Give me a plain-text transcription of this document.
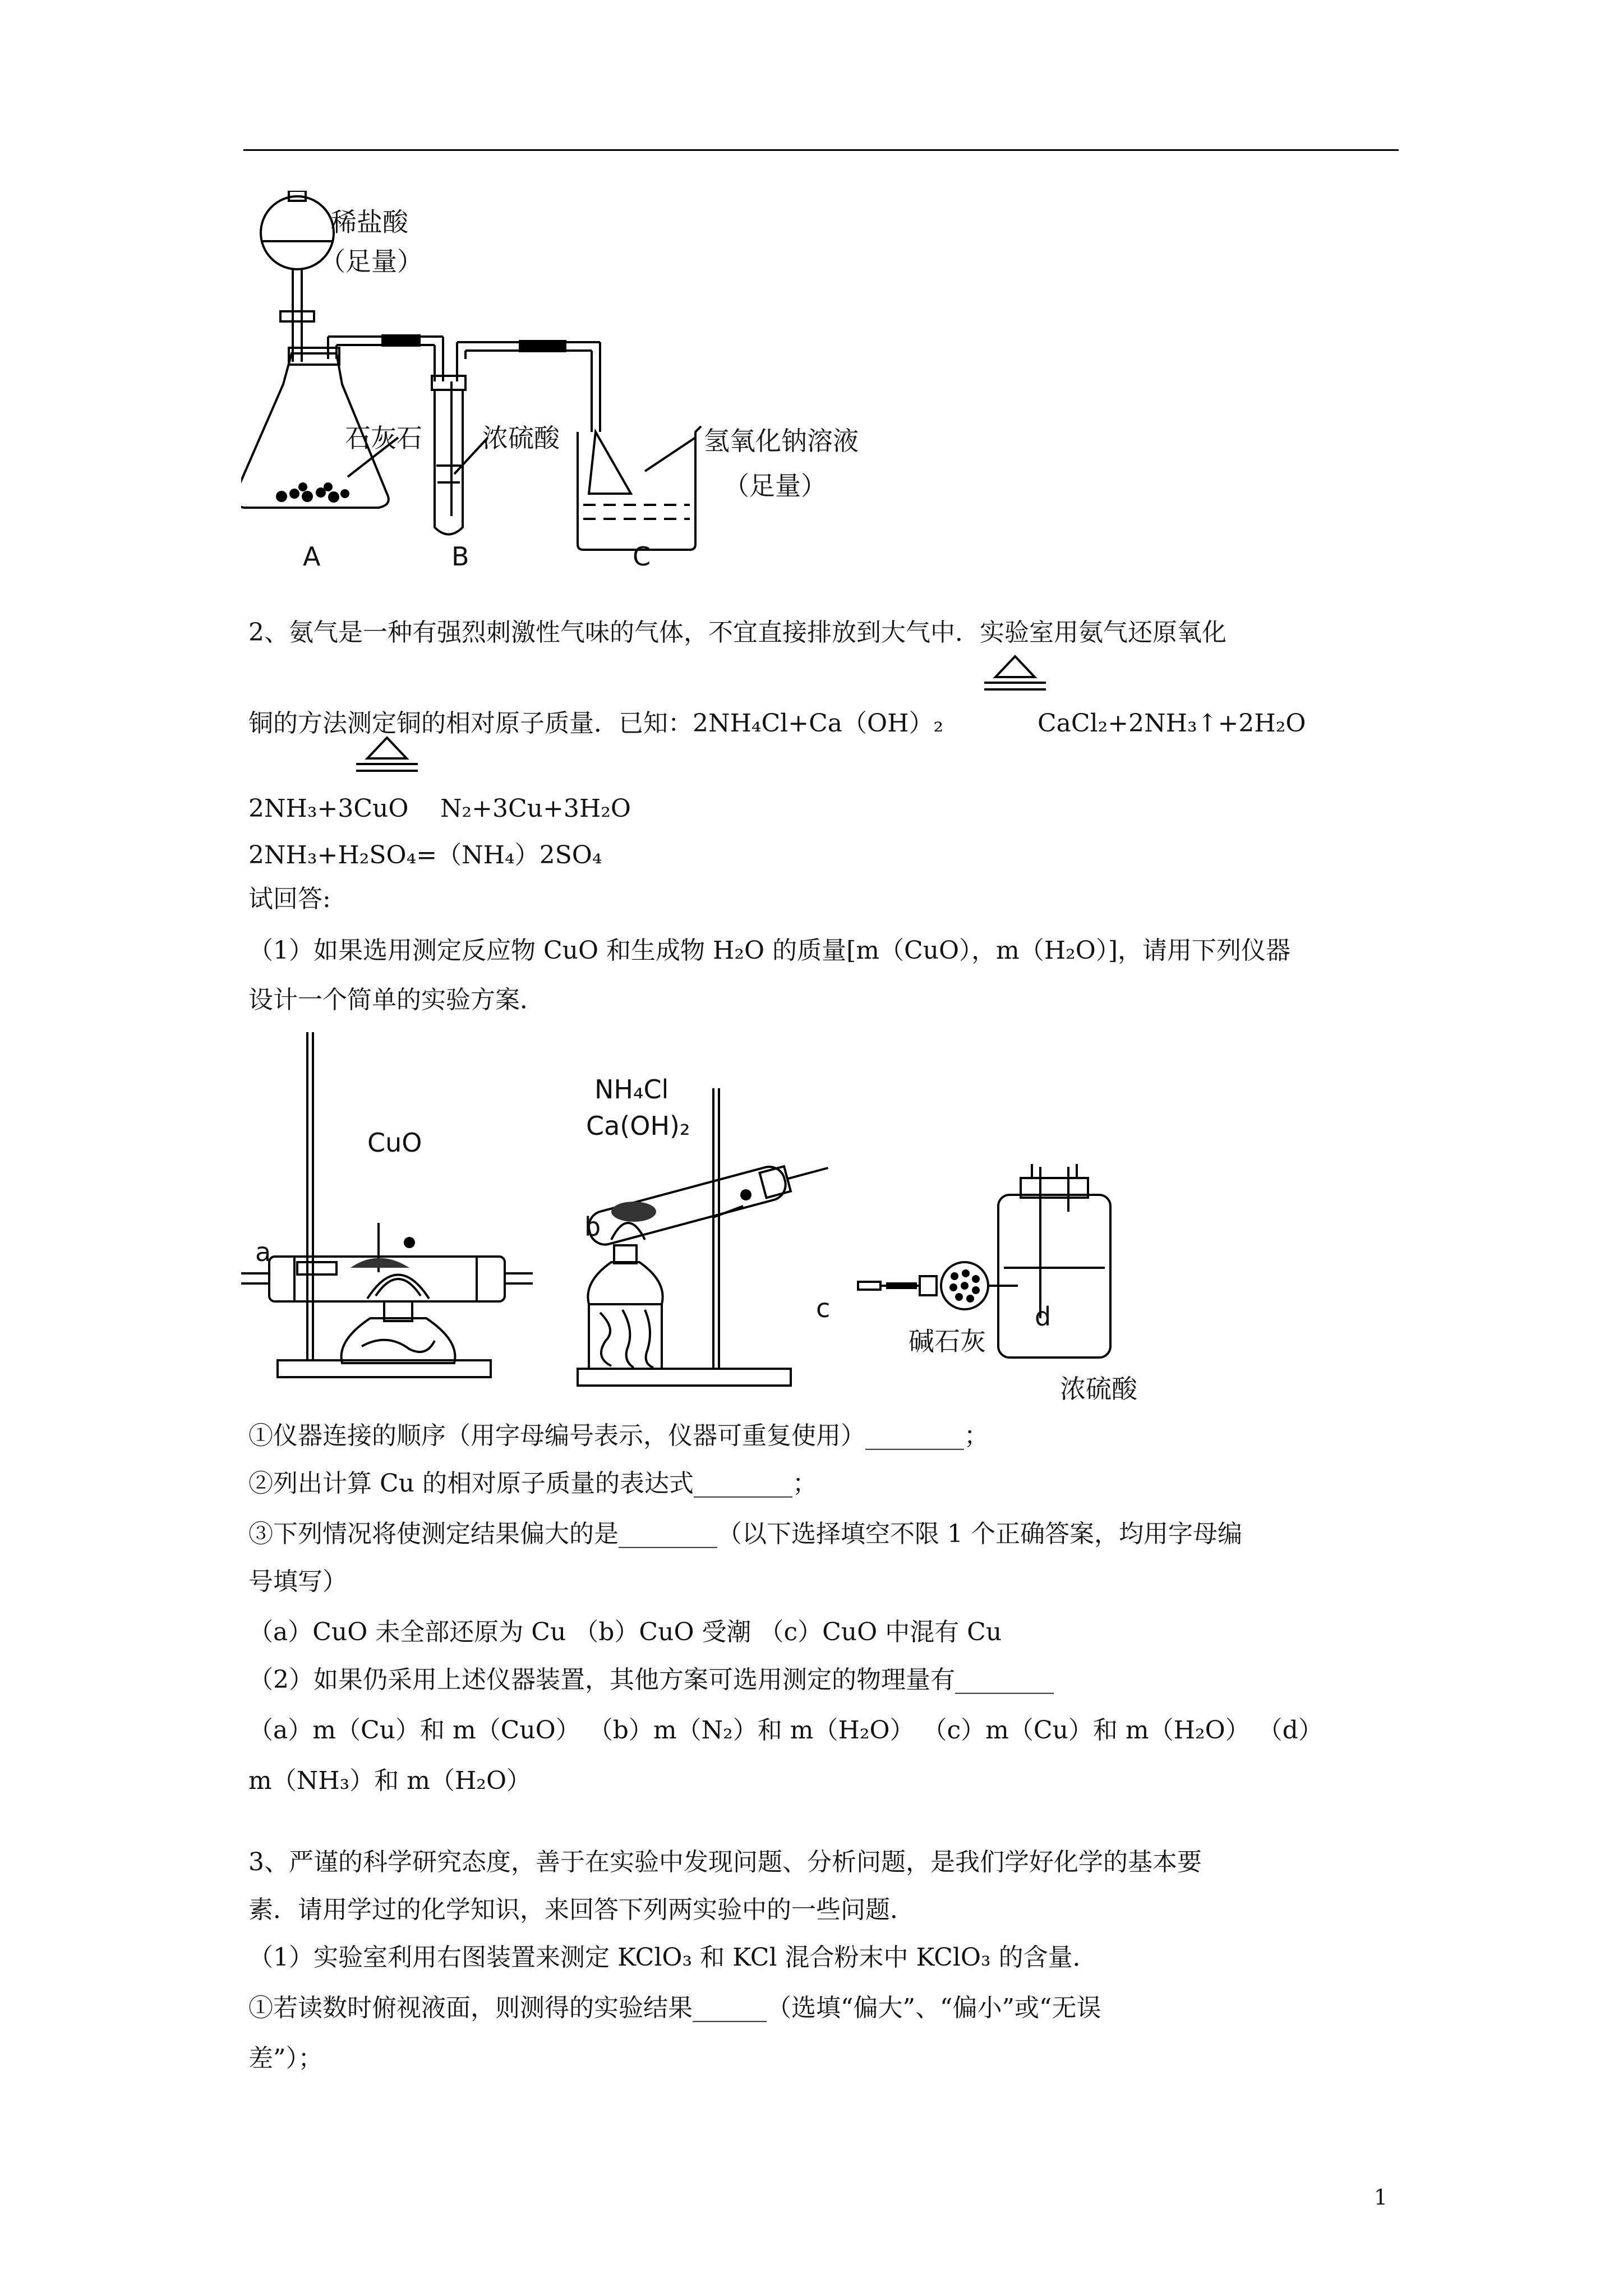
稀盐酸
（足量）
石灰石 浓硫酸	氢氧化钠溶液
（足量）
A	B	C
2、氨气是一种有强烈刺激性气味的气体，不宜直接排放到大气中．实验室用氨气还原氧化
铜的方法测定铜的相对原子质量．已知：2NH₄Cl+Ca（OH）₂	CaCl₂+2NH₃↑+2H₂O
2NH₃+3CuO N₂+3Cu+3H₂O
2NH₃+H₂SO₄=（NH₄）2SO₄
试回答:
（1）如果选用测定反应物 CuO 和生成物 H₂O 的质量[m（CuO），m（H₂O）]，请用下列仪器
设计一个简单的实验方案．
CuO
NH₄Cl
Ca(OH)₂
碱石灰
浓硫酸
a
b
c	d
①仪器连接的顺序（用字母编号表示，仪器可重复使用）________；
②列出计算 Cu 的相对原子质量的表达式________；
③下列情况将使测定结果偏大的是________（以下选择填空不限 1 个正确答案，均用字母编
号填写）
（a）CuO 未全部还原为 Cu （b）CuO 受潮 （c）CuO 中混有 Cu
（2）如果仍采用上述仪器装置，其他方案可选用测定的物理量有________
（a）m（Cu）和 m（CuO） （b）m（N₂）和 m（H₂O） （c）m（Cu）和 m（H₂O） （d）
m（NH₃）和 m（H₂O）
3、严谨的科学研究态度，善于在实验中发现问题、分析问题，是我们学好化学的基本要
素．请用学过的化学知识，来回答下列两实验中的一些问题．
（1）实验室利用右图装置来测定 KClO₃ 和 KCl 混合粉末中 KClO₃ 的含量．
①若读数时俯视液面，则测得的实验结果______（选填“偏大”、“偏小”或“无误
差”）；
1
